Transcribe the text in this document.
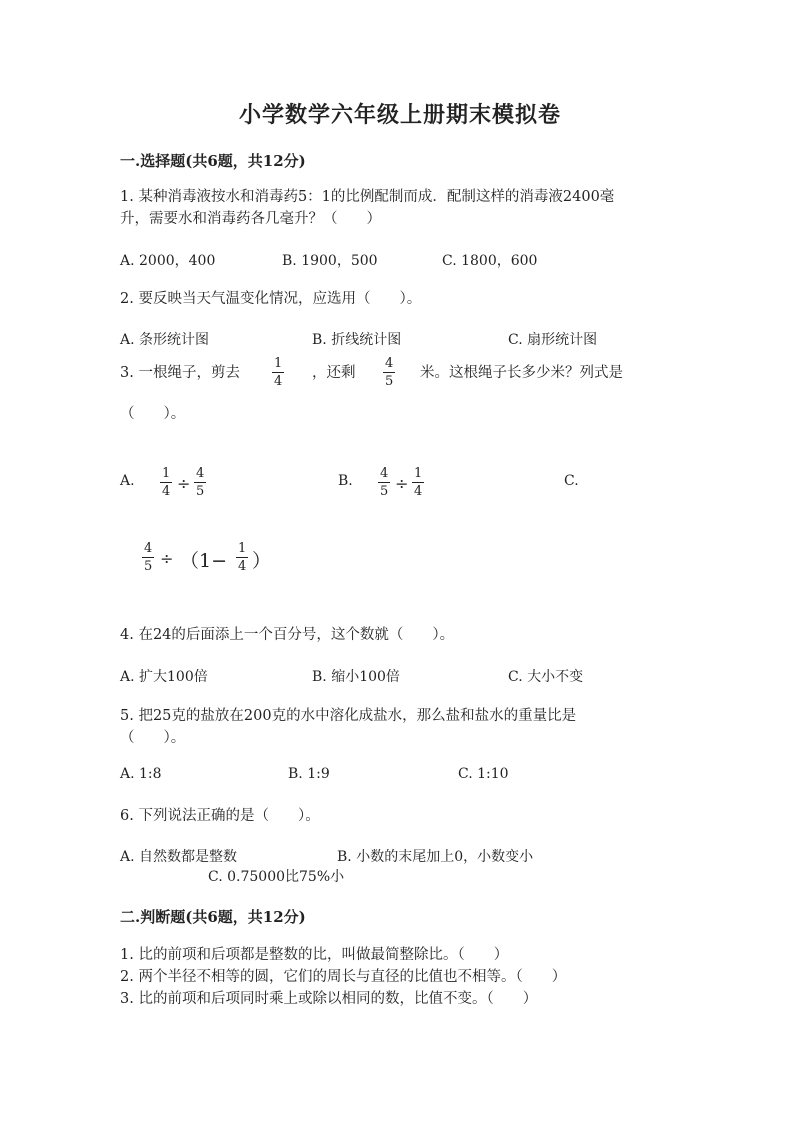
小学数学六年级上册期末模拟卷
一.选择题(共6题，共12分)
1. 某种消毒液按水和消毒药5：1的比例配制而成．配制这样的消毒液2400毫
升，需要水和消毒药各几毫升？（　　）
A. 2000，400	B. 1900，500	C. 1800，600
2. 要反映当天气温变化情况，应选用（　　）。
A. 条形统计图	B. 折线统计图	C. 扇形统计图
3. 一根绳子，剪去
1
4
，还剩
4
5
米。这根绳子长多少米？列式是
（　　）。
A. 1
4 ÷
4
5
B. 4
5 ÷
1
4
C.
4
5 ÷ （1−
1
4 ）
4. 在24的后面添上一个百分号，这个数就（　　）。
A. 扩大100倍	B. 缩小100倍	C. 大小不变
5. 把25克的盐放在200克的水中溶化成盐水，那么盐和盐水的重量比是
（　　）。
A. 1:8	B. 1:9	C. 1:10
6. 下列说法正确的是（　　）。
A. 自然数都是整数	B. 小数的末尾加上0，小数变小
C. 0.75000比75%小
二.判断题(共6题，共12分)
1. 比的前项和后项都是整数的比，叫做最简整除比。（　　）
2. 两个半径不相等的圆，它们的周长与直径的比值也不相等。（　　）
3. 比的前项和后项同时乘上或除以相同的数，比值不变。（　　）
